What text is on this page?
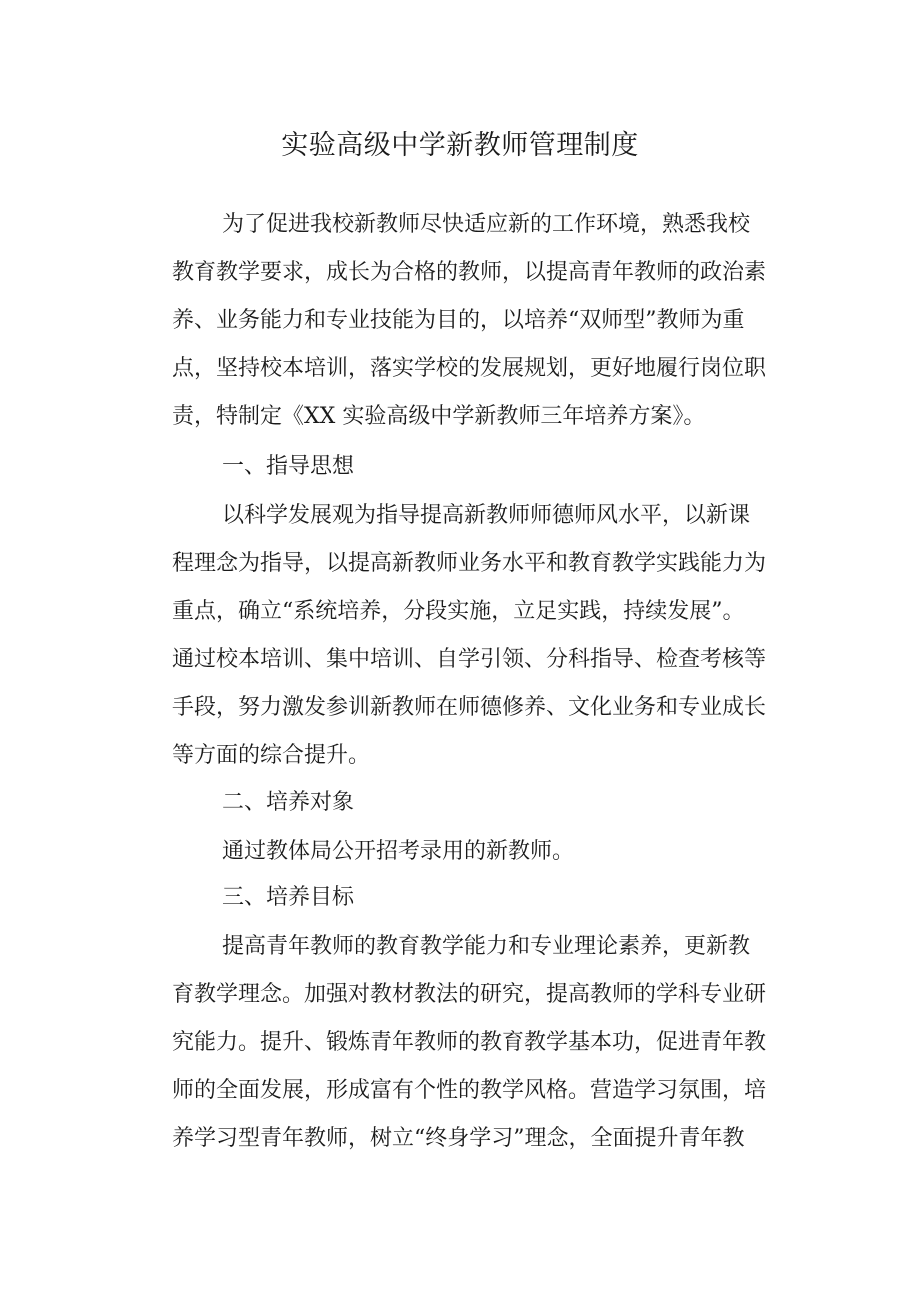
实验高级中学新教师管理制度

为了促进我校新教师尽快适应新的工作环境，熟悉我校

教育教学要求，成长为合格的教师，以提高青年教师的政治素

养、业务能力和专业技能为目的，以培养“双师型”教师为重

点，坚持校本培训，落实学校的发展规划，更好地履行岗位职

责，特制定《XX 实验高级中学新教师三年培养方案》。

一、指导思想

以科学发展观为指导提高新教师师德师风水平，以新课

程理念为指导，以提高新教师业务水平和教育教学实践能力为

重点，确立“系统培养，分段实施，立足实践，持续发展”。

通过校本培训、集中培训、自学引领、分科指导、检查考核等

手段，努力激发参训新教师在师德修养、文化业务和专业成长

等方面的综合提升。

二、培养对象

通过教体局公开招考录用的新教师。

三、培养目标

提高青年教师的教育教学能力和专业理论素养，更新教

育教学理念。加强对教材教法的研究，提高教师的学科专业研

究能力。提升、锻炼青年教师的教育教学基本功，促进青年教

师的全面发展，形成富有个性的教学风格。营造学习氛围，培

养学习型青年教师，树立“终身学习”理念，全面提升青年教
